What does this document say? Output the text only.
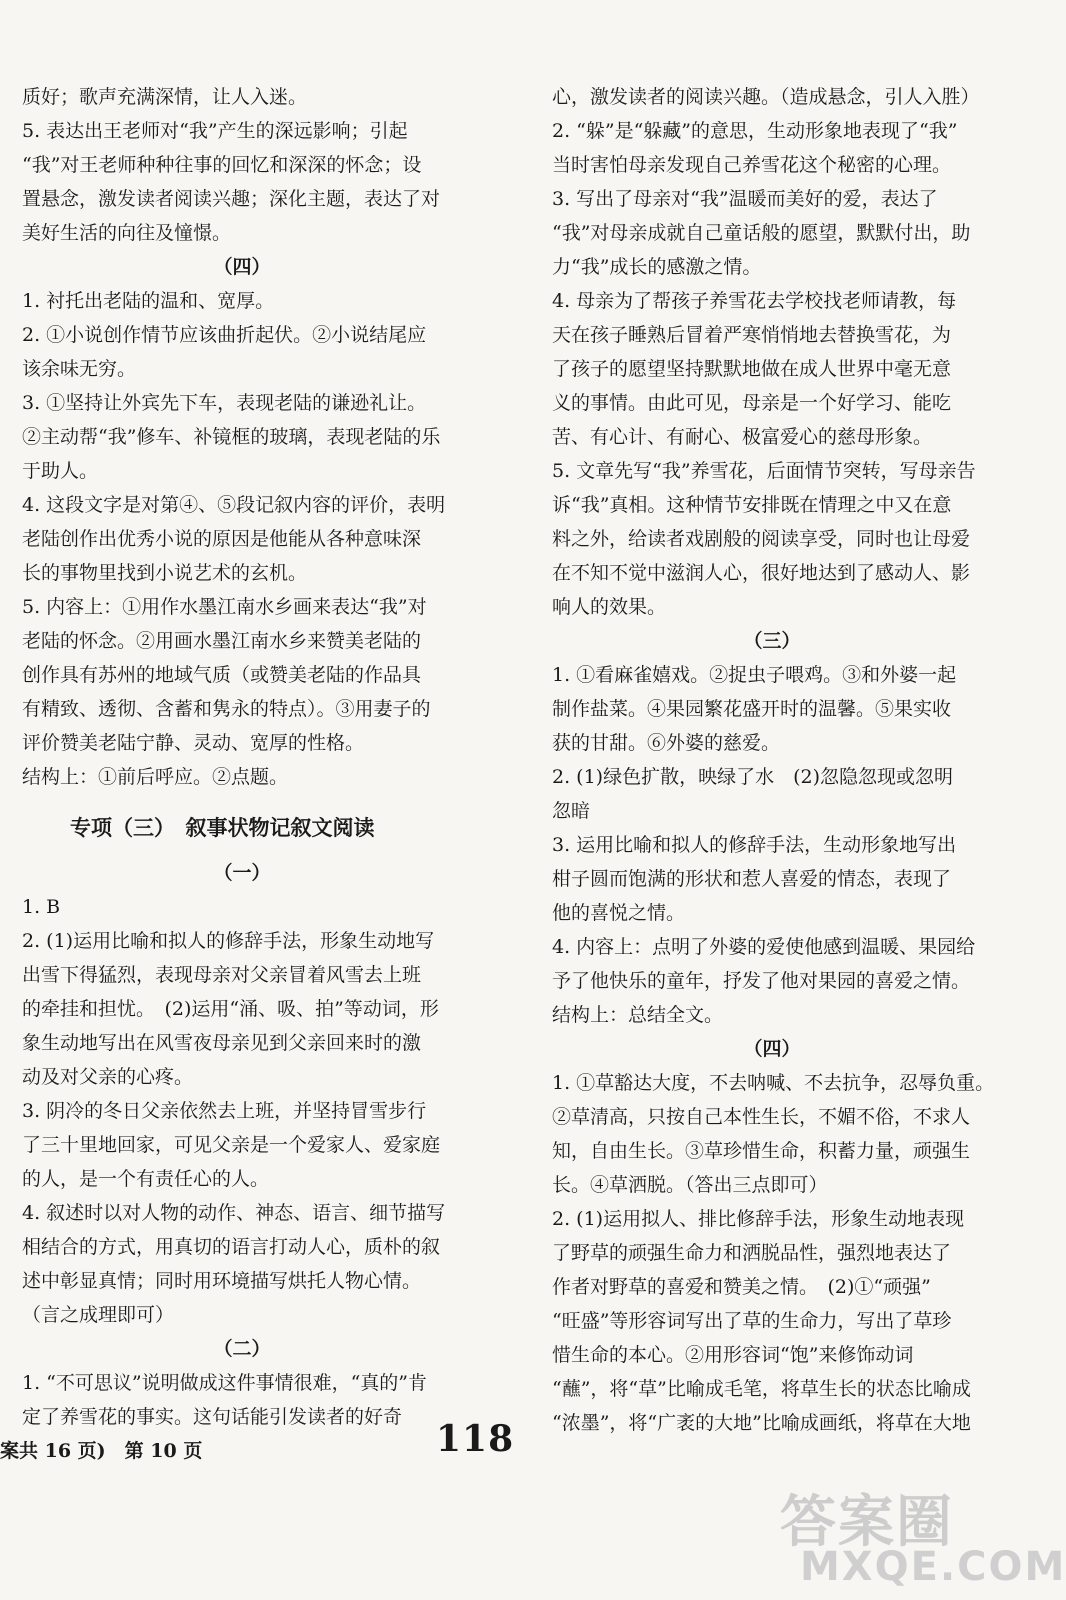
质好；歌声充满深情，让人入迷。
5. 表达出王老师对“我”产生的深远影响；引起
“我”对王老师种种往事的回忆和深深的怀念；设
置悬念，激发读者阅读兴趣；深化主题，表达了对
美好生活的向往及憧憬。
（四）
1. 衬托出老陆的温和、宽厚。
2. ①小说创作情节应该曲折起伏。②小说结尾应
该余味无穷。
3. ①坚持让外宾先下车，表现老陆的谦逊礼让。
②主动帮“我”修车、补镜框的玻璃，表现老陆的乐
于助人。
4. 这段文字是对第④、⑤段记叙内容的评价，表明
老陆创作出优秀小说的原因是他能从各种意味深
长的事物里找到小说艺术的玄机。
5. 内容上：①用作水墨江南水乡画来表达“我”对
老陆的怀念。②用画水墨江南水乡来赞美老陆的
创作具有苏州的地域气质（或赞美老陆的作品具
有精致、透彻、含蓄和隽永的特点）。③用妻子的
评价赞美老陆宁静、灵动、宽厚的性格。
结构上：①前后呼应。②点题。
专项（三）　叙事状物记叙文阅读
（一）
1. B
2. (1)运用比喻和拟人的修辞手法，形象生动地写
出雪下得猛烈，表现母亲对父亲冒着风雪去上班
的牵挂和担忧。　(2)运用“涌、吸、拍”等动词，形
象生动地写出在风雪夜母亲见到父亲回来时的激
动及对父亲的心疼。
3. 阴冷的冬日父亲依然去上班，并坚持冒雪步行
了三十里地回家，可见父亲是一个爱家人、爱家庭
的人，是一个有责任心的人。
4. 叙述时以对人物的动作、神态、语言、细节描写
相结合的方式，用真切的语言打动人心，质朴的叙
述中彰显真情；同时用环境描写烘托人物心情。
（言之成理即可）
（二）
1. “不可思议”说明做成这件事情很难，“真的”肯
定了养雪花的事实。这句话能引发读者的好奇
心，激发读者的阅读兴趣。（造成悬念，引人入胜）
2. “躲”是“躲藏”的意思，生动形象地表现了“我”
当时害怕母亲发现自己养雪花这个秘密的心理。
3. 写出了母亲对“我”温暖而美好的爱，表达了
“我”对母亲成就自己童话般的愿望，默默付出，助
力“我”成长的感激之情。
4. 母亲为了帮孩子养雪花去学校找老师请教，每
天在孩子睡熟后冒着严寒悄悄地去替换雪花，为
了孩子的愿望坚持默默地做在成人世界中毫无意
义的事情。由此可见，母亲是一个好学习、能吃
苦、有心计、有耐心、极富爱心的慈母形象。
5. 文章先写“我”养雪花，后面情节突转，写母亲告
诉“我”真相。这种情节安排既在情理之中又在意
料之外，给读者戏剧般的阅读享受，同时也让母爱
在不知不觉中滋润人心，很好地达到了感动人、影
响人的效果。
（三）
1. ①看麻雀嬉戏。②捉虫子喂鸡。③和外婆一起
制作盐菜。④果园繁花盛开时的温馨。⑤果实收
获的甘甜。⑥外婆的慈爱。
2. (1)绿色扩散，映绿了水　(2)忽隐忽现或忽明
忽暗
3. 运用比喻和拟人的修辞手法，生动形象地写出
柑子圆而饱满的形状和惹人喜爱的情态，表现了
他的喜悦之情。
4. 内容上：点明了外婆的爱使他感到温暖、果园给
予了他快乐的童年，抒发了他对果园的喜爱之情。
结构上：总结全文。
（四）
1. ①草豁达大度，不去呐喊、不去抗争，忍辱负重。
②草清高，只按自己本性生长，不媚不俗，不求人
知，自由生长。③草珍惜生命，积蓄力量，顽强生
长。④草洒脱。（答出三点即可）
2. (1)运用拟人、排比修辞手法，形象生动地表现
了野草的顽强生命力和洒脱品性，强烈地表达了
作者对野草的喜爱和赞美之情。　(2)①“顽强”
“旺盛”等形容词写出了草的生命力，写出了草珍
惜生命的本心。②用形容词“饱”来修饰动词
“蘸”，将“草”比喻成毛笔，将草生长的状态比喻成
“浓墨”，将“广袤的大地”比喻成画纸，将草在大地
案共 16 页)　第 10 页	118
答案圈
MXQE.COM
